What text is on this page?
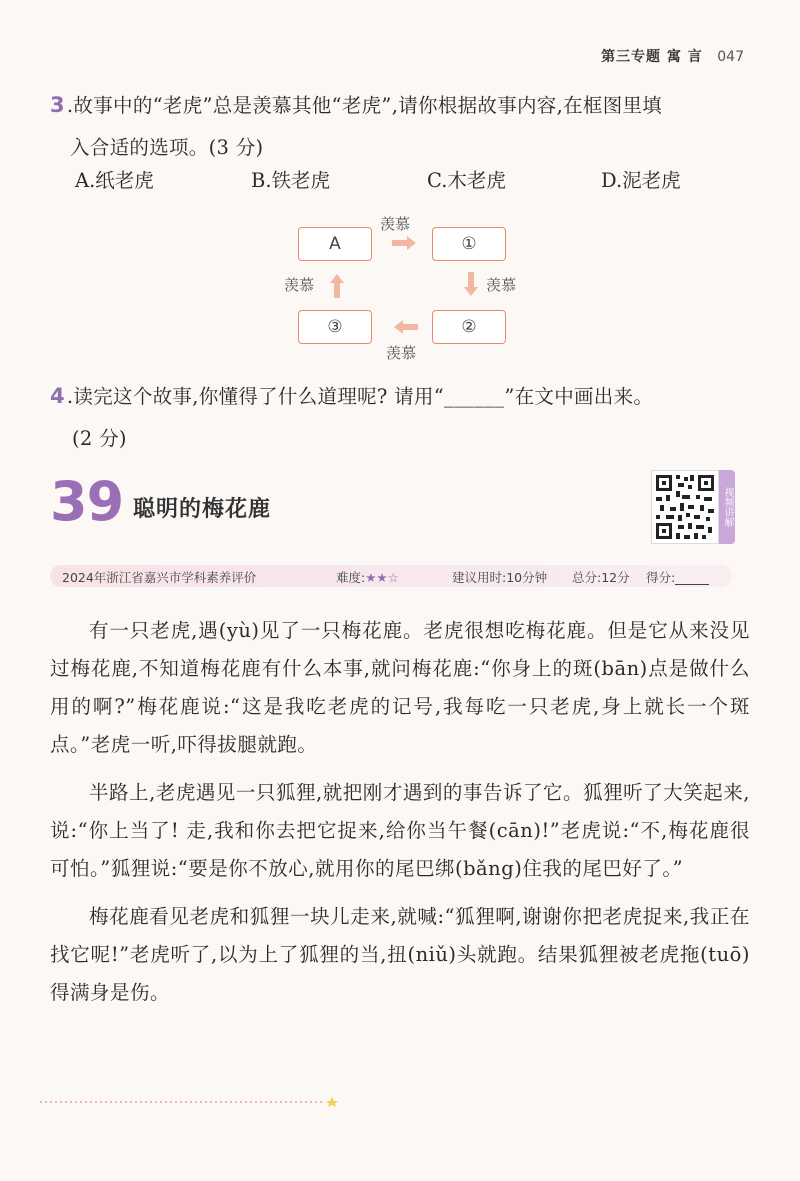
第三专题 寓 言 047
3 .故事中的“老虎”总是羡慕其他“老虎”,请你根据故事内容,在框图里填
入合适的选项。(3 分)
A.纸老虎	B.铁老虎	C.木老虎	D.泥老虎
A	①
②
③
羡慕
羡慕
羡慕
羡慕
4 .读完这个故事,你懂得了什么道理呢? 请用“______”在文中画出来。
(2 分)
39 聪明的梅花鹿	视频讲解
2024年浙江省嘉兴市学科素养评价	难度:★★☆	建议用时:10分钟 总分:12分 得分:

有一只老虎,遇(yù)见了一只梅花鹿。老虎很想吃梅花鹿。但是它从来没见过梅花鹿,不知道梅花鹿有什么本事,就问梅花鹿:“你身上的斑(bān)点是做什么用的啊?”梅花鹿说:“这是我吃老虎的记号,我每吃一只老虎,身上就长一个斑点。”老虎一听,吓得拔腿就跑。

半路上,老虎遇见一只狐狸,就把刚才遇到的事告诉了它。狐狸听了大笑起来,说:“你上当了! 走,我和你去把它捉来,给你当午餐(cān)!”老虎说:“不,梅花鹿很可怕。”狐狸说:“要是你不放心,就用你的尾巴绑(bǎng)住我的尾巴好了。”

梅花鹿看见老虎和狐狸一块儿走来,就喊:“狐狸啊,谢谢你把老虎捉来,我正在找它呢!”老虎听了,以为上了狐狸的当,扭(niǔ)头就跑。结果狐狸被老虎拖(tuō)得满身是伤。
